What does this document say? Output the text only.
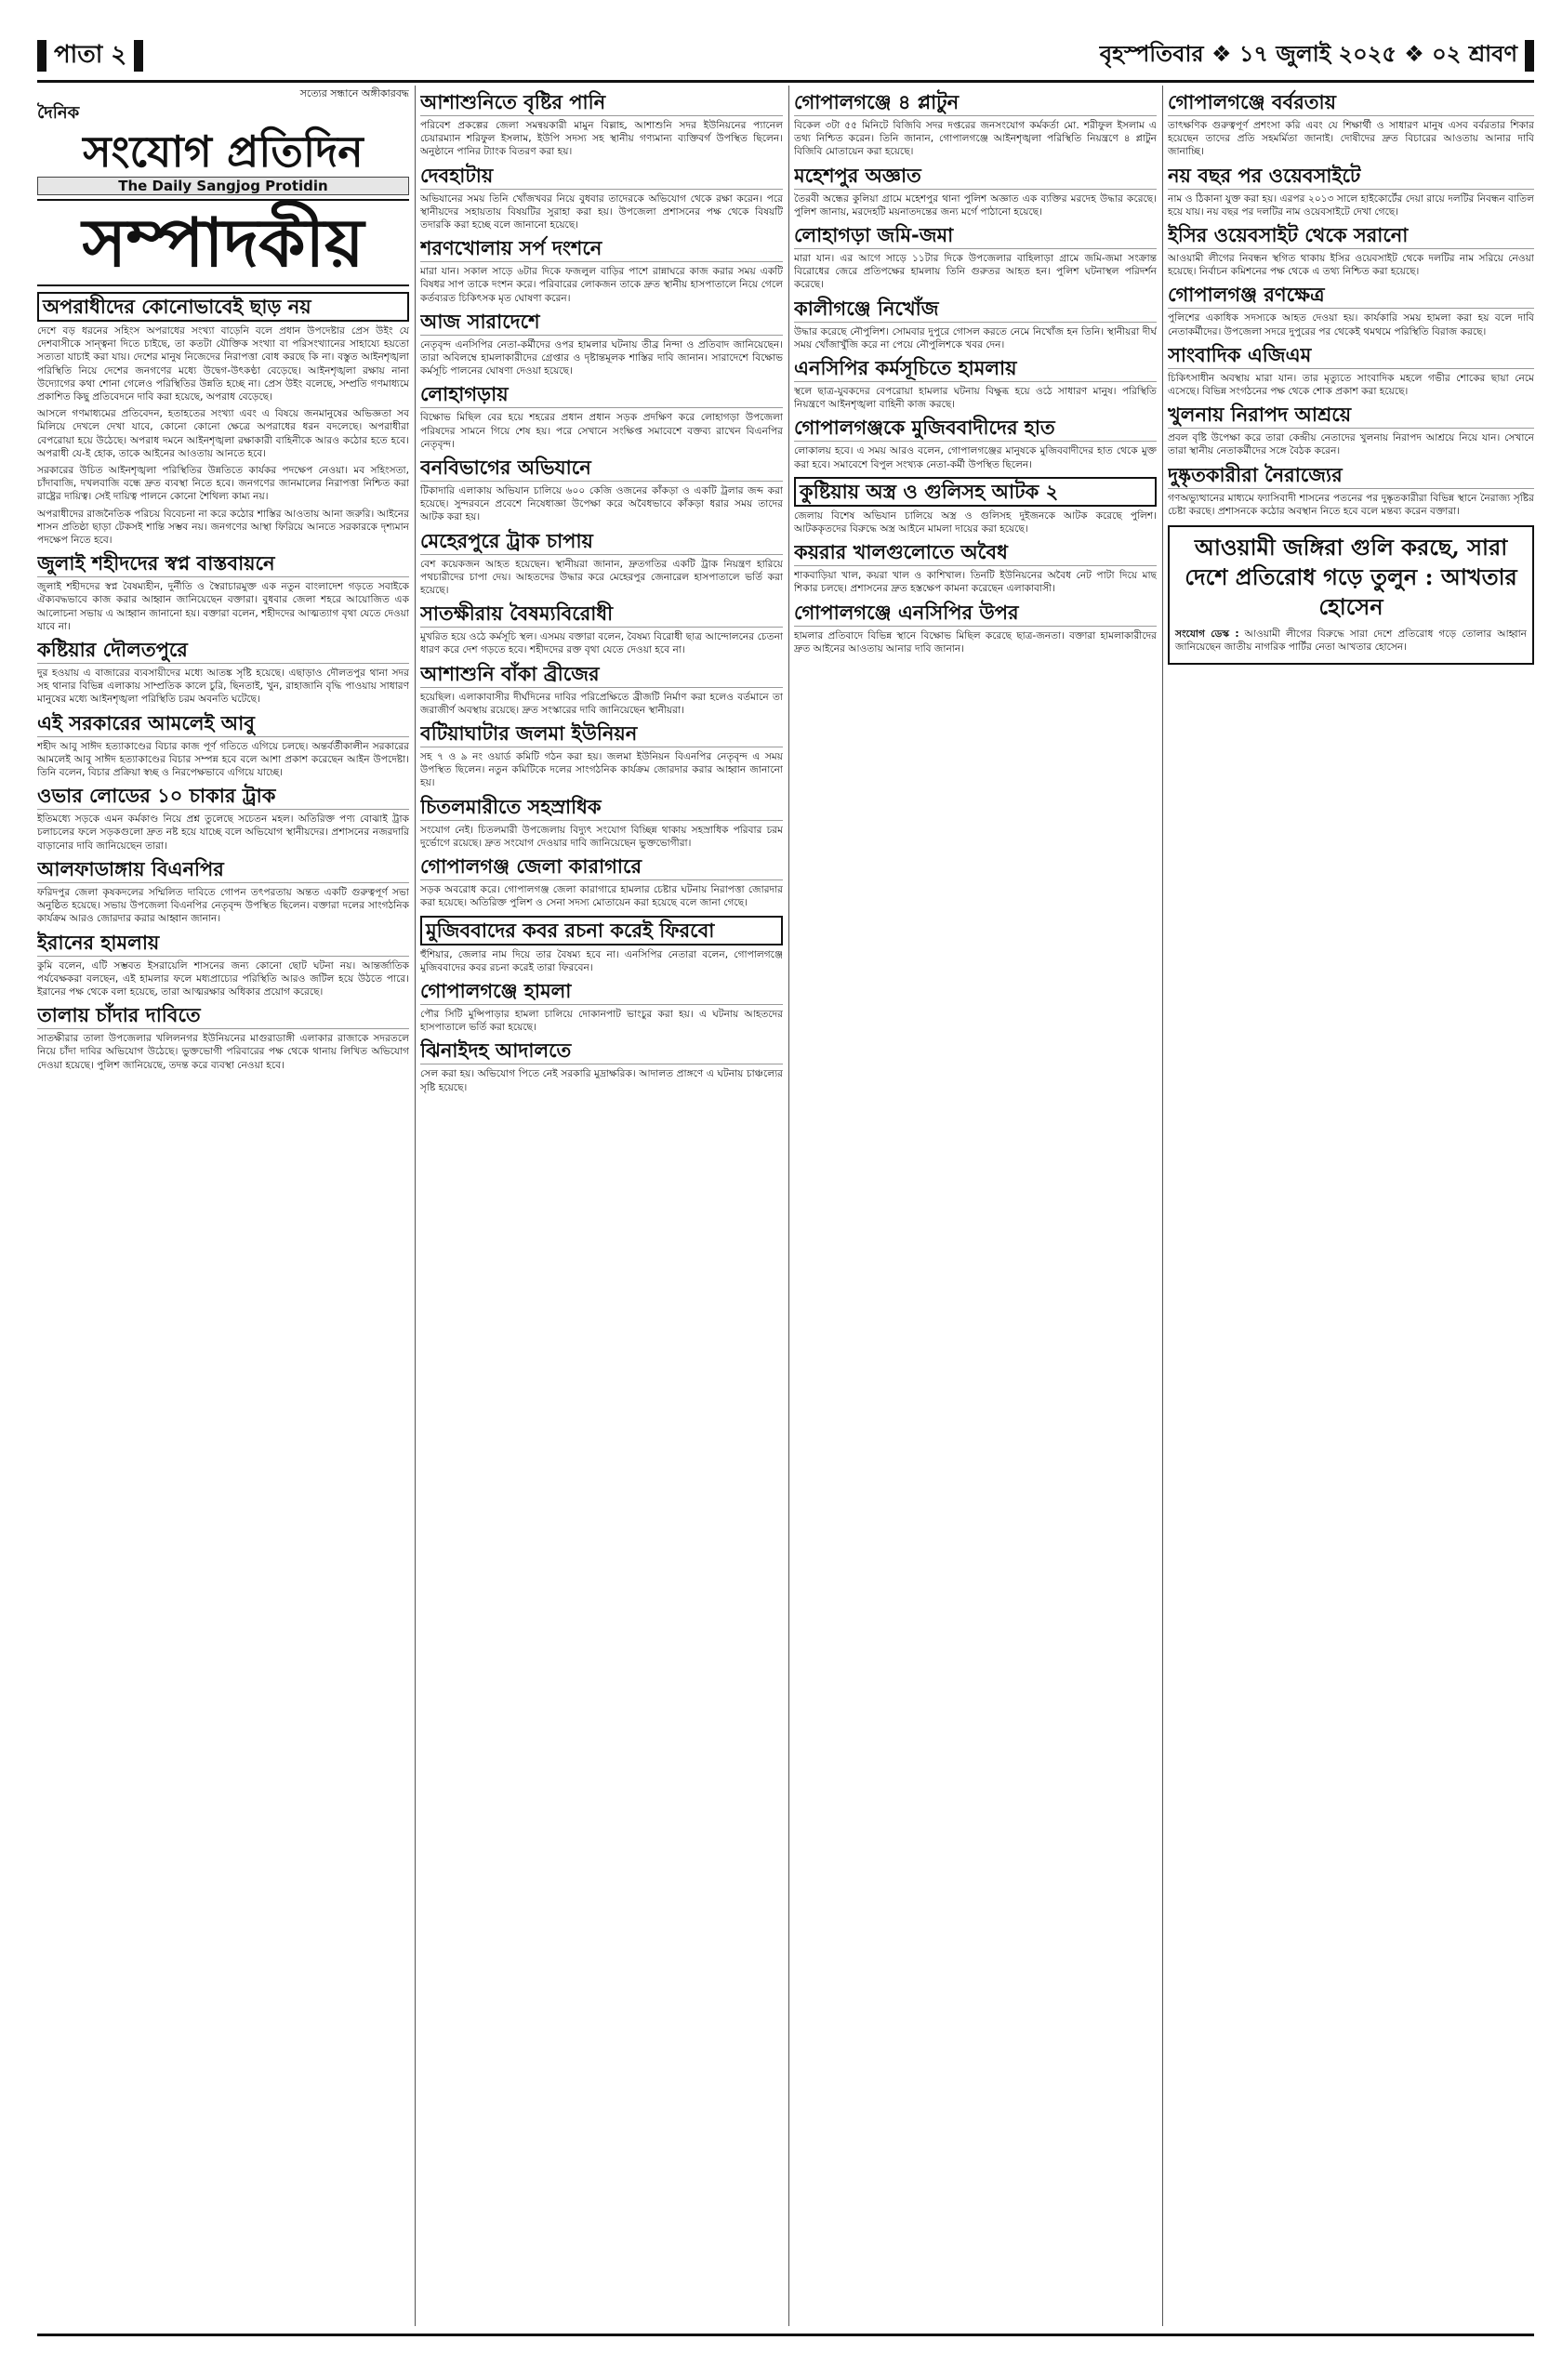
পাতা ২	বৃহস্পতিবার ❖ ১৭ জুলাই ২০২৫ ❖ ০২ শ্রাবণ
সত্যের সন্ধানে অঙ্গীকারবদ্ধ
দৈনিক
সংযোগ প্রতিদিন
The Daily Sangjog Protidin
সম্পাদকীয়
অপরাধীদের কোনোভাবেই ছাড় নয়

দেশে বড় ধরনের সহিংস অপরাধের সংখ্যা বাড়েনি বলে প্রধান উপদেষ্টার প্রেস উইং যে দেশবাসীকে সান্ত্বনা দিতে চাইছে, তা কতটা যৌক্তিক সংখ্যা বা পরিসংখ্যানের সাহায্যে হয়তো সত্যতা যাচাই করা যায়। দেশের মানুষ নিজেদের নিরাপত্তা বোধ করছে কি না। বস্তুত আইনশৃঙ্খলা পরিস্থিতি নিয়ে দেশের জনগণের মধ্যে উদ্বেগ-উৎকণ্ঠা বেড়েছে। আইনশৃঙ্খলা রক্ষায় নানা উদ্যোগের কথা শোনা গেলেও পরিস্থিতির উন্নতি হচ্ছে না। প্রেস উইং বলেছে, সম্প্রতি গণমাধ্যমে প্রকাশিত কিছু প্রতিবেদনে দাবি করা হয়েছে, অপরাধ বেড়েছে।

আসলে গণমাধ্যমের প্রতিবেদন, হতাহতের সংখ্যা এবং এ বিষয়ে জনমানুষের অভিজ্ঞতা সব মিলিয়ে দেখলে দেখা যাবে, কোনো কোনো ক্ষেত্রে অপরাধের ধরন বদলেছে। অপরাধীরা বেপরোয়া হয়ে উঠেছে। অপরাধ দমনে আইনশৃঙ্খলা রক্ষাকারী বাহিনীকে আরও কঠোর হতে হবে। অপরাধী যে-ই হোক, তাকে আইনের আওতায় আনতে হবে।

সরকারের উচিত আইনশৃঙ্খলা পরিস্থিতির উন্নতিতে কার্যকর পদক্ষেপ নেওয়া। মব সহিংসতা, চাঁদাবাজি, দখলবাজি বন্ধে দ্রুত ব্যবস্থা নিতে হবে। জনগণের জানমালের নিরাপত্তা নিশ্চিত করা রাষ্ট্রের দায়িত্ব। সেই দায়িত্ব পালনে কোনো শৈথিল্য কাম্য নয়।

অপরাধীদের রাজনৈতিক পরিচয় বিবেচনা না করে কঠোর শাস্তির আওতায় আনা জরুরি। আইনের শাসন প্রতিষ্ঠা ছাড়া টেকসই শান্তি সম্ভব নয়। জনগণের আস্থা ফিরিয়ে আনতে সরকারকে দৃশ্যমান পদক্ষেপ নিতে হবে।

জুলাই শহীদদের স্বপ্ন বাস্তবায়নে

জুলাই শহীদদের স্বপ্ন বৈষম্যহীন, দুর্নীতি ও স্বৈরাচারমুক্ত এক নতুন বাংলাদেশ গড়তে সবাইকে ঐক্যবদ্ধভাবে কাজ করার আহ্বান জানিয়েছেন বক্তারা। বুধবার জেলা শহরে আয়োজিত এক আলোচনা সভায় এ আহ্বান জানানো হয়। বক্তারা বলেন, শহীদদের আত্মত্যাগ বৃথা যেতে দেওয়া যাবে না।

কষ্টিয়ার দৌলতপুরে

দুর হওয়ায় এ বাজারের ব্যবসায়ীদের মধ্যে আতঙ্ক সৃষ্টি হয়েছে। এছাড়াও দৌলতপুর থানা সদর সহ থানার বিভিন্ন এলাকায় সাম্প্রতিক কালে চুরি, ছিনতাই, খুন, রাহাজানি বৃদ্ধি পাওয়ায় সাধারণ মানুষের মধ্যে আইনশৃঙ্খলা পরিস্থিতি চরম অবনতি ঘটেছে।

এই সরকারের আমলেই আবু

শহীদ আবু সাঈদ হত্যাকাণ্ডের বিচার কাজ পূর্ণ গতিতে এগিয়ে চলছে। অন্তর্বর্তীকালীন সরকারের আমলেই আবু সাঈদ হত্যাকাণ্ডের বিচার সম্পন্ন হবে বলে আশা প্রকাশ করেছেন আইন উপদেষ্টা। তিনি বলেন, বিচার প্রক্রিয়া স্বচ্ছ ও নিরপেক্ষভাবে এগিয়ে যাচ্ছে।

ওভার লোডের ১০ চাকার ট্রাক

ইতিমধ্যে সড়কে এমন কর্মকাণ্ড নিয়ে প্রশ্ন তুলেছে সচেতন মহল। অতিরিক্ত পণ্য বোঝাই ট্রাক চলাচলের ফলে সড়কগুলো দ্রুত নষ্ট হয়ে যাচ্ছে বলে অভিযোগ স্থানীয়দের। প্রশাসনের নজরদারি বাড়ানোর দাবি জানিয়েছেন তারা।

আলফাডাঙ্গায় বিএনপির

ফরিদপুর জেলা কৃষকদলের সম্মিলিত দাবিতে গোপন তৎপরতায় অন্তত একটি গুরুত্বপূর্ণ সভা অনুষ্ঠিত হয়েছে। সভায় উপজেলা বিএনপির নেতৃবৃন্দ উপস্থিত ছিলেন। বক্তারা দলের সাংগঠনিক কার্যক্রম আরও জোরদার করার আহ্বান জানান।

ইরানের হামলায়

কুমি বলেন, এটি সম্ভবত ইসরায়েলি শাসনের জন্য কোনো ছোট ঘটনা নয়। আন্তর্জাতিক পর্যবেক্ষকরা বলছেন, এই হামলার ফলে মধ্যপ্রাচ্যের পরিস্থিতি আরও জটিল হয়ে উঠতে পারে। ইরানের পক্ষ থেকে বলা হয়েছে, তারা আত্মরক্ষার অধিকার প্রয়োগ করেছে।

তালায় চাঁদার দাবিতে

সাতক্ষীরার তালা উপজেলার খলিলনগর ইউনিয়নের মাগুরাডাঙ্গী এলাকার রাজাকে সদরতলে নিয়ে চাঁদা দাবির অভিযোগ উঠেছে। ভুক্তভোগী পরিবারের পক্ষ থেকে থানায় লিখিত অভিযোগ দেওয়া হয়েছে। পুলিশ জানিয়েছে, তদন্ত করে ব্যবস্থা নেওয়া হবে।

আশাশুনিতে বৃষ্টির পানি

পরিবেশ প্রকল্পের জেলা সমন্বয়কারী মামুন বিল্লাহ, আশাশুনি সদর ইউনিয়নের প্যানেল চেয়ারম্যান শরিফুল ইসলাম, ইউপি সদস্য সহ স্থানীয় গণ্যমান্য ব্যক্তিবর্গ উপস্থিত ছিলেন। অনুষ্ঠানে পানির ট্যাংক বিতরণ করা হয়।

দেবহাটায়

অভিযানের সময় তিনি খোঁজখবর নিয়ে বুধবার তাদেরকে অভিযোগ থেকে রক্ষা করেন। পরে স্থানীয়দের সহায়তায় বিষয়টির সুরাহা করা হয়। উপজেলা প্রশাসনের পক্ষ থেকে বিষয়টি তদারকি করা হচ্ছে বলে জানানো হয়েছে।

শরণখোলায় সর্প দংশনে

মারা যান। সকাল সাড়ে ৬টার দিকে ফজলুল বাড়ির পাশে রান্নাঘরে কাজ করার সময় একটি বিষধর সাপ তাকে দংশন করে। পরিবারের লোকজন তাকে দ্রুত স্থানীয় হাসপাতালে নিয়ে গেলে কর্তব্যরত চিকিৎসক মৃত ঘোষণা করেন।

আজ সারাদেশে

নেতৃবৃন্দ এনসিপির নেতা-কর্মীদের ওপর হামলার ঘটনায় তীব্র নিন্দা ও প্রতিবাদ জানিয়েছেন। তারা অবিলম্বে হামলাকারীদের গ্রেপ্তার ও দৃষ্টান্তমূলক শাস্তির দাবি জানান। সারাদেশে বিক্ষোভ কর্মসূচি পালনের ঘোষণা দেওয়া হয়েছে।

লোহাগড়ায়

বিক্ষোভ মিছিল বের হয়ে শহরের প্রধান প্রধান সড়ক প্রদক্ষিণ করে লোহাগড়া উপজেলা পরিষদের সামনে গিয়ে শেষ হয়। পরে সেখানে সংক্ষিপ্ত সমাবেশে বক্তব্য রাখেন বিএনপির নেতৃবৃন্দ।

বনবিভাগের অভিযানে

টিকাদারি এলাকায় অভিযান চালিয়ে ৬০০ কেজি ওজনের কাঁকড়া ও একটি ট্রলার জব্দ করা হয়েছে। সুন্দরবনে প্রবেশে নিষেধাজ্ঞা উপেক্ষা করে অবৈধভাবে কাঁকড়া ধরার সময় তাদের আটক করা হয়।

মেহেরপুরে ট্রাক চাপায়

বেশ কয়েকজন আহত হয়েছেন। স্থানীয়রা জানান, দ্রুতগতির একটি ট্রাক নিয়ন্ত্রণ হারিয়ে পথচারীদের চাপা দেয়। আহতদের উদ্ধার করে মেহেরপুর জেনারেল হাসপাতালে ভর্তি করা হয়েছে।

সাতক্ষীরায় বৈষম্যবিরোধী

মুখরিত হয়ে ওঠে কর্মসূচি স্থল। এসময় বক্তারা বলেন, বৈষম্য বিরোধী ছাত্র আন্দোলনের চেতনা ধারণ করে দেশ গড়তে হবে। শহীদদের রক্ত বৃথা যেতে দেওয়া হবে না।

আশাশুনি বাঁকা ব্রীজের

হয়েছিল। এলাকাবাসীর দীর্ঘদিনের দাবির পরিপ্রেক্ষিতে ব্রীজটি নির্মাণ করা হলেও বর্তমানে তা জরাজীর্ণ অবস্থায় রয়েছে। দ্রুত সংস্কারের দাবি জানিয়েছেন স্থানীয়রা।

বটিয়াঘাটার জলমা ইউনিয়ন

সহ ৭ ও ৯ নং ওয়ার্ড কমিটি গঠন করা হয়। জলমা ইউনিয়ন বিএনপির নেতৃবৃন্দ এ সময় উপস্থিত ছিলেন। নতুন কমিটিকে দলের সাংগঠনিক কার্যক্রম জোরদার করার আহ্বান জানানো হয়।

চিতলমারীতে সহস্রাধিক

সংযোগ নেই। চিতলমারী উপজেলায় বিদ্যুৎ সংযোগ বিচ্ছিন্ন থাকায় সহস্রাধিক পরিবার চরম দুর্ভোগে রয়েছে। দ্রুত সংযোগ দেওয়ার দাবি জানিয়েছেন ভুক্তভোগীরা।

গোপালগঞ্জ জেলা কারাগারে

সড়ক অবরোধ করে। গোপালগঞ্জ জেলা কারাগারে হামলার চেষ্টার ঘটনায় নিরাপত্তা জোরদার করা হয়েছে। অতিরিক্ত পুলিশ ও সেনা সদস্য মোতায়েন করা হয়েছে বলে জানা গেছে।

মুজিববাদের কবর রচনা করেই ফিরবো

হুঁশিয়ার, জেলার নাম দিয়ে তার বৈষম্য হবে না। এনসিপির নেতারা বলেন, গোপালগঞ্জে মুজিববাদের কবর রচনা করেই তারা ফিরবেন।

গোপালগঞ্জে হামলা

পৌর সিটি মুন্সিপাড়ার হামলা চালিয়ে দোকানপাট ভাংচুর করা হয়। এ ঘটনায় আহতদের হাসপাতালে ভর্তি করা হয়েছে।

ঝিনাইদহ আদালতে

সেল করা হয়। অভিযোগ পিতে নেই সরকারি মুদ্রাক্ষরিক। আদালত প্রাঙ্গণে এ ঘটনায় চাঞ্চল্যের সৃষ্টি হয়েছে।

গোপালগঞ্জে ৪ প্লাটুন

বিকেল ৩টা ৫৫ মিনিটে বিজিবি সদর দপ্তরের জনসংযোগ কর্মকর্তা মো. শরীফুল ইসলাম এ তথ্য নিশ্চিত করেন। তিনি জানান, গোপালগঞ্জে আইনশৃঙ্খলা পরিস্থিতি নিয়ন্ত্রণে ৪ প্লাটুন বিজিবি মোতায়েন করা হয়েছে।

মহেশপুর অজ্ঞাত

তৈরবী অন্ধের কুলিয়া গ্রামে মহেশপুর থানা পুলিশ অজ্ঞাত এক ব্যক্তির মরদেহ উদ্ধার করেছে। পুলিশ জানায়, মরদেহটি ময়নাতদন্তের জন্য মর্গে পাঠানো হয়েছে।

লোহাগড়া জমি-জমা

মারা যান। এর আগে সাড়ে ১১টার দিকে উপজেলার বাহিলাড়া গ্রামে জমি-জমা সংক্রান্ত বিরোধের জেরে প্রতিপক্ষের হামলায় তিনি গুরুতর আহত হন। পুলিশ ঘটনাস্থল পরিদর্শন করেছে।

কালীগঞ্জে নিখোঁজ

উদ্ধার করেছে নৌপুলিশ। সোমবার দুপুরে গোসল করতে নেমে নিখোঁজ হন তিনি। স্থানীয়রা দীর্ঘ সময় খোঁজাখুঁজি করে না পেয়ে নৌপুলিশকে খবর দেন।

এনসিপির কর্মসূচিতে হামলায়

স্থলে ছাত্র-যুবকদের বেপরোয়া হামলার ঘটনায় বিক্ষুব্ধ হয়ে ওঠে সাধারণ মানুষ। পরিস্থিতি নিয়ন্ত্রণে আইনশৃঙ্খলা বাহিনী কাজ করছে।

গোপালগঞ্জকে মুজিববাদীদের হাত

লোকালয় হবে। এ সময় আরও বলেন, গোপালগঞ্জের মানুষকে মুজিববাদীদের হাত থেকে মুক্ত করা হবে। সমাবেশে বিপুল সংখ্যক নেতা-কর্মী উপস্থিত ছিলেন।

কুষ্টিয়ায় অস্ত্র ও গুলিসহ আটক ২

জেলায় বিশেষ অভিযান চালিয়ে অস্ত্র ও গুলিসহ দুইজনকে আটক করেছে পুলিশ। আটককৃতদের বিরুদ্ধে অস্ত্র আইনে মামলা দায়ের করা হয়েছে।

কয়রার খালগুলোতে অবৈধ

শাকবাড়িয়া খাল, কয়রা খাল ও কাশিখাল। তিনটি ইউনিয়নের অবৈধ নেট পাটা দিয়ে মাছ শিকার চলছে। প্রশাসনের দ্রুত হস্তক্ষেপ কামনা করেছেন এলাকাবাসী।

গোপালগঞ্জে এনসিপির উপর

হামলার প্রতিবাদে বিভিন্ন স্থানে বিক্ষোভ মিছিল করেছে ছাত্র-জনতা। বক্তারা হামলাকারীদের দ্রুত আইনের আওতায় আনার দাবি জানান।

গোপালগঞ্জে বর্বরতায়

তাৎক্ষণিক গুরুত্বপূর্ণ প্রশংসা করি এবং যে শিক্ষার্থী ও সাধারণ মানুষ এসব বর্বরতার শিকার হয়েছেন তাদের প্রতি সহমর্মিতা জানাই। দোষীদের দ্রুত বিচারের আওতায় আনার দাবি জানাচ্ছি।

নয় বছর পর ওয়েবসাইটে

নাম ও ঠিকানা যুক্ত করা হয়। এরপর ২০১৩ সালে হাইকোর্টের দেয়া রায়ে দলটির নিবন্ধন বাতিল হয়ে যায়। নয় বছর পর দলটির নাম ওয়েবসাইটে দেখা গেছে।

ইসির ওয়েবসাইট থেকে সরানো

আওয়ামী লীগের নিবন্ধন স্থগিত থাকায় ইসির ওয়েবসাইট থেকে দলটির নাম সরিয়ে নেওয়া হয়েছে। নির্বাচন কমিশনের পক্ষ থেকে এ তথ্য নিশ্চিত করা হয়েছে।

গোপালগঞ্জ রণক্ষেত্র

পুলিশের একাধিক সদস্যকে আহত দেওয়া হয়। কার্যকারি সময় হামলা করা হয় বলে দাবি নেতাকর্মীদের। উপজেলা সদরে দুপুরের পর থেকেই থমথমে পরিস্থিতি বিরাজ করছে।

সাংবাদিক এজিএম

চিকিৎসাধীন অবস্থায় মারা যান। তার মৃত্যুতে সাংবাদিক মহলে গভীর শোকের ছায়া নেমে এসেছে। বিভিন্ন সংগঠনের পক্ষ থেকে শোক প্রকাশ করা হয়েছে।

খুলনায় নিরাপদ আশ্রয়ে

প্রবল বৃষ্টি উপেক্ষা করে তারা কেন্দ্রীয় নেতাদের খুলনায় নিরাপদ আশ্রয়ে নিয়ে যান। সেখানে তারা স্থানীয় নেতাকর্মীদের সঙ্গে বৈঠক করেন।

দুষ্কৃতকারীরা নৈরাজ্যের

গণঅভ্যুত্থানের মাধ্যমে ফ্যাসিবাদী শাসনের পতনের পর দুষ্কৃতকারীরা বিভিন্ন স্থানে নৈরাজ্য সৃষ্টির চেষ্টা করছে। প্রশাসনকে কঠোর অবস্থান নিতে হবে বলে মন্তব্য করেন বক্তারা।

আওয়ামী জঙ্গিরা গুলি করছে, সারা দেশে প্রতিরোধ গড়ে তুলুন : আখতার হোসেন

সংযোগ ডেস্ক : আওয়ামী লীগের বিরুদ্ধে সারা দেশে প্রতিরোধ গড়ে তোলার আহ্বান জানিয়েছেন জাতীয় নাগরিক পার্টির নেতা আখতার হোসেন।
